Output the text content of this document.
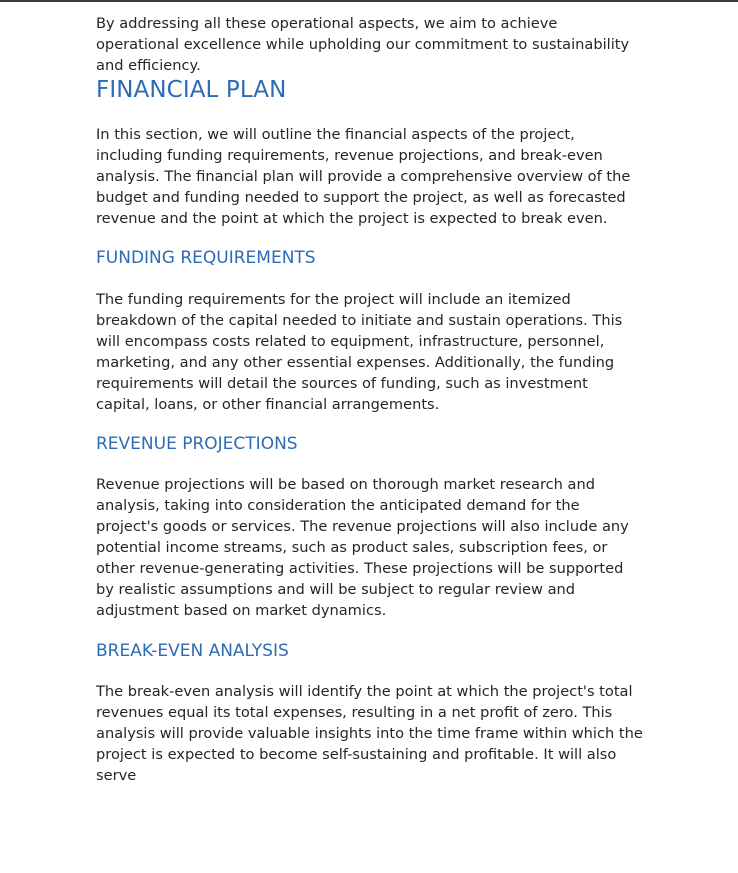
By addressing all these operational aspects, we aim to achieve operational excellence while upholding our commitment to sustainability and efficiency.

FINANCIAL PLAN

In this section, we will outline the financial aspects of the project, including funding requirements, revenue projections, and break-even analysis. The financial plan will provide a comprehensive overview of the budget and funding needed to support the project, as well as forecasted revenue and the point at which the project is expected to break even.

FUNDING REQUIREMENTS

The funding requirements for the project will include an itemized breakdown of the capital needed to initiate and sustain operations. This will encompass costs related to equipment, infrastructure, personnel, marketing, and any other essential expenses. Additionally, the funding requirements will detail the sources of funding, such as investment capital, loans, or other financial arrangements.

REVENUE PROJECTIONS

Revenue projections will be based on thorough market research and analysis, taking into consideration the anticipated demand for the project's goods or services. The revenue projections will also include any potential income streams, such as product sales, subscription fees, or other revenue-generating activities. These projections will be supported by realistic assumptions and will be subject to regular review and adjustment based on market dynamics.

BREAK-EVEN ANALYSIS

The break-even analysis will identify the point at which the project's total revenues equal its total expenses, resulting in a net profit of zero. This analysis will provide valuable insights into the time frame within which the project is expected to become self-sustaining and profitable. It will also serve
